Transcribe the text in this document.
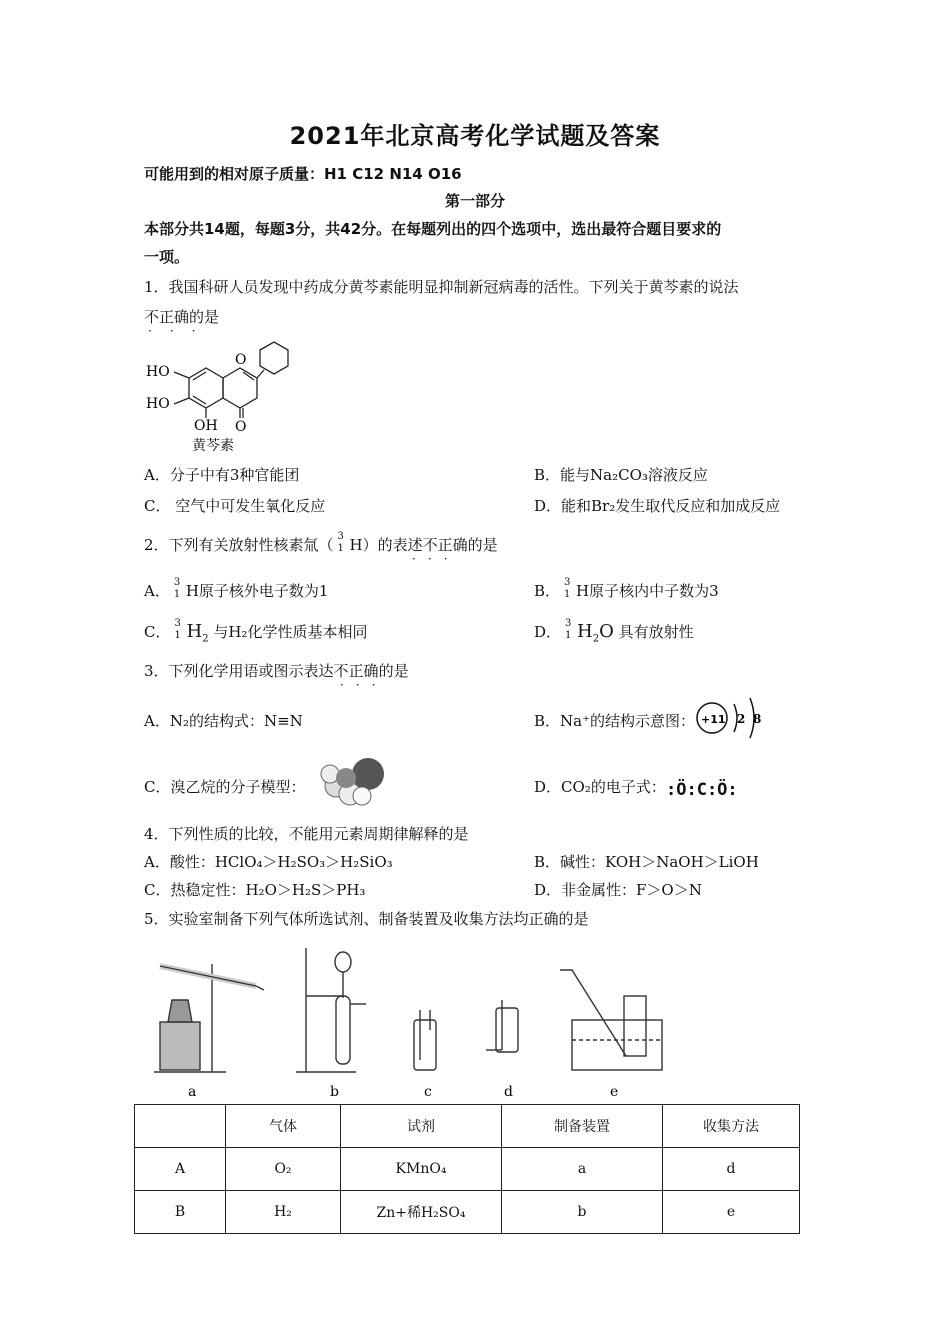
2021年北京高考化学试题及答案
可能用到的相对原子质量：H1 C12 N14 O16
第一部分
本部分共14题，每题3分，共42分。在每题列出的四个选项中，选出最符合题目要求的
一项。
1．我国科研人员发现中药成分黄芩素能明显抑制新冠病毒的活性。下列关于黄芩素的说法
不正确的是
···
HO
HO
OH
O
O
黄芩素
A．分子中有3种官能团	B．能与Na₂CO₃溶液反应
C． 空气中可发生氧化反应	D．能和Br₂发生取代反应和加成反应
2．下列有关放射性核素氚（ 3
1 H）的表述不正确的是
···
A． 3
1 H原子核外电子数为1	B． 3
1 H原子核内中子数为3
C． 3
1 $H_2$ 与H₂化学性质基本相同	D． 3
1 $H_2O$ 具有放射性
3．下列化学用语或图示表达不正确的是
···
A．N₂的结构式：N≡N	B．Na⁺的结构示意图： +11 2 8
C．溴乙烷的分子模型：	D．CO₂的电子式： :Ö:C:Ö:
4．下列性质的比较，不能用元素周期律解释的是
A．酸性：HClO₄＞H₂SO₃＞H₂SiO₃	B．碱性：KOH＞NaOH＞LiOH
C．热稳定性：H₂O＞H₂S＞PH₃	D．非金属性：F＞O＞N
5．实验室制备下列气体所选试剂、制备装置及收集方法均正确的是
a	b	c	d	e
	气体	试剂	制备装置	收集方法
A	O₂	KMnO₄	a	d
B	H₂	Zn+稀H₂SO₄	b	e
